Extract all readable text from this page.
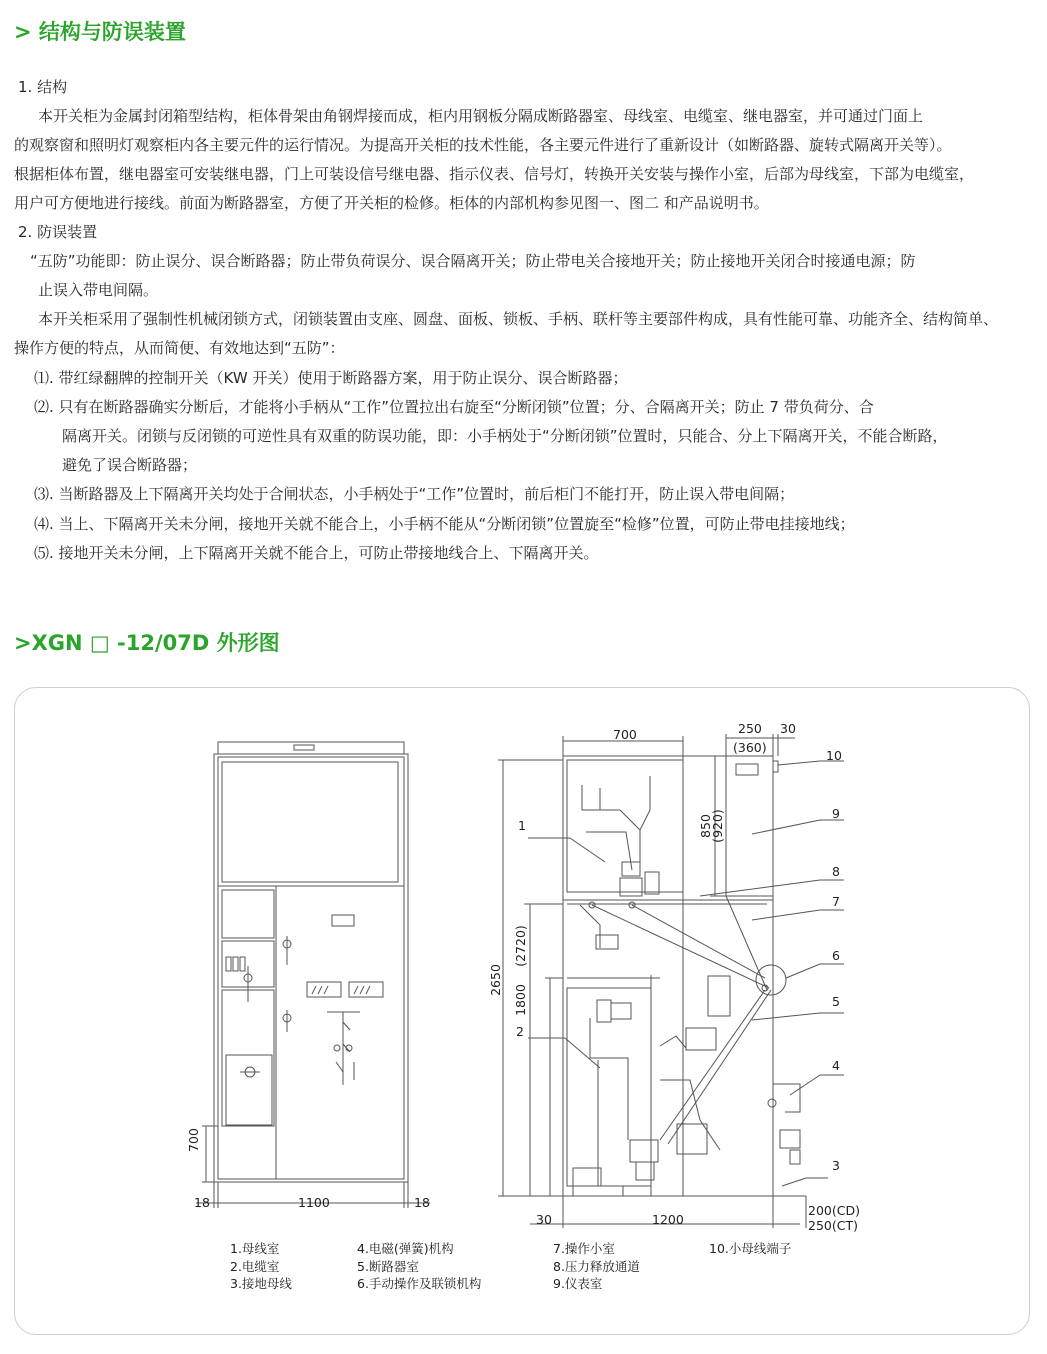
> 结构与防误装置
1. 结构
本开关柜为金属封闭箱型结构，柜体骨架由角钢焊接而成，柜内用钢板分隔成断路器室、母线室、电缆室、继电器室，并可通过门面上
的观察窗和照明灯观察柜内各主要元件的运行情况。为提高开关柜的技术性能，各主要元件进行了重新设计（如断路器、旋转式隔离开关等）。
根据柜体布置，继电器室可安装继电器，门上可装设信号继电器、指示仪表、信号灯，转换开关安装与操作小室，后部为母线室，下部为电缆室，
用户可方便地进行接线。前面为断路器室，方便了开关柜的检修。柜体的内部机构参见图一、图二 和产品说明书。
2. 防误装置
“五防”功能即：防止误分、误合断路器；防止带负荷误分、误合隔离开关；防止带电关合接地开关；防止接地开关闭合时接通电源；防
止误入带电间隔。
本开关柜采用了强制性机械闭锁方式，闭锁装置由支座、圆盘、面板、锁板、手柄、联杆等主要部件构成，具有性能可靠、功能齐全、结构简单、
操作方便的特点，从而简便、有效地达到“五防”：
⑴. 带红绿翻牌的控制开关（KW 开关）使用于断路器方案，用于防止误分、误合断路器；
⑵. 只有在断路器确实分断后，才能将小手柄从“工作”位置拉出右旋至“分断闭锁”位置；分、合隔离开关；防止 7 带负荷分、合
隔离开关。闭锁与反闭锁的可逆性具有双重的防误功能，即：小手柄处于“分断闭锁”位置时，只能合、分上下隔离开关，不能合断路，
避免了误合断路器；
⑶. 当断路器及上下隔离开关均处于合闸状态，小手柄处于“工作”位置时，前后柜门不能打开，防止误入带电间隔；
⑷. 当上、下隔离开关未分闸，接地开关就不能合上，小手柄不能从“分断闭锁”位置旋至“检修”位置，可防止带电挂接地线；
⑸. 接地开关未分闸，上下隔离开关就不能合上，可防止带接地线合上、下隔离开关。
>XGN □ -12/07D 外形图
700
18	1100	18
700	250 30
(360)
850
(920)
2650
(2720)
1800
30	1200
200(CD)
250(CT)
1
2
3
4
5
6
7
8
9
10
1.母线室
2.电缆室
3.接地母线
4.电磁(弹簧)机构
5.断路器室
6.手动操作及联锁机构
7.操作小室
8.压力释放通道
9.仪表室
10.小母线端子
